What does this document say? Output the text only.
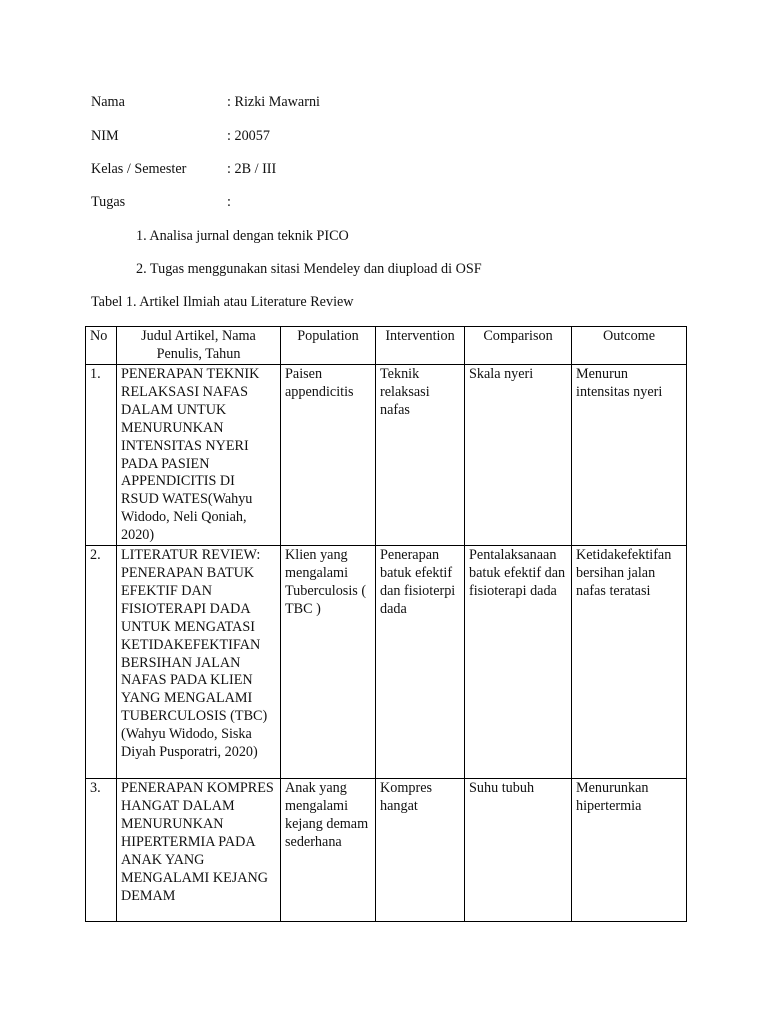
Nama	: Rizki Mawarni
NIM	: 20057
Kelas / Semester	: 2B / III
Tugas	:
1. Analisa jurnal dengan teknik PICO
2. Tugas menggunakan sitasi Mendeley dan diupload di OSF
Tabel 1. Artikel Ilmiah atau Literature Review
No	Judul Artikel, Nama Penulis, Tahun	Population	Intervention	Comparison	Outcome
1.	PENERAPAN TEKNIK RELAKSASI NAFAS DALAM UNTUK MENURUNKAN INTENSITAS NYERI PADA PASIEN APPENDICITIS DI RSUD WATES(Wahyu Widodo, Neli Qoniah, 2020)	Paisen appendicitis	Teknik relaksasi nafas	Skala nyeri	Menurun intensitas nyeri
2.	LITERATUR REVIEW: PENERAPAN BATUK EFEKTIF DAN FISIOTERAPI DADA UNTUK MENGATASI KETIDAKEFEKTIFAN BERSIHAN JALAN NAFAS PADA KLIEN YANG MENGALAMI TUBERCULOSIS (TBC) (Wahyu Widodo, Siska Diyah Pusporatri, 2020)	Klien yang mengalami Tuberculosis ( TBC )	Penerapan batuk efektif dan fisioterpi dada	Pentalaksanaan batuk efektif dan fisioterapi dada	Ketidakefektifan bersihan jalan nafas teratasi
3.	PENERAPAN KOMPRES HANGAT DALAM MENURUNKAN HIPERTERMIA PADA ANAK YANG MENGALAMI KEJANG DEMAM	Anak yang mengalami kejang demam sederhana	Kompres hangat	Suhu tubuh	Menurunkan hipertermia
